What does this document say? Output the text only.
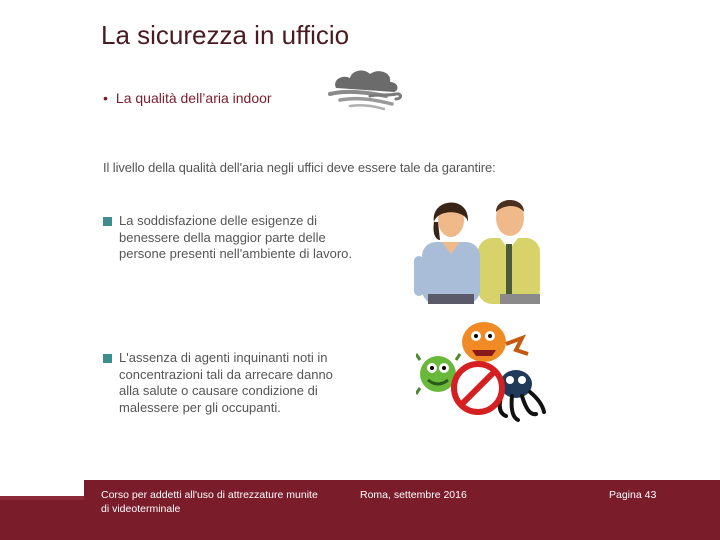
La sicurezza in ufficio
• La qualità dell’aria indoor
Il livello della qualità dell'aria negli uffici deve essere tale da garantire:
La soddisfazione delle esigenze di benessere della maggior parte delle persone presenti nell'ambiente di lavoro.
L'assenza di agenti inquinanti noti in concentrazioni tali da arrecare danno alla salute o causare condizione di malessere per gli occupanti.
Corso per addetti all'uso di attrezzature munite di videoterminale
Roma, settembre 2016	Pagina 43
